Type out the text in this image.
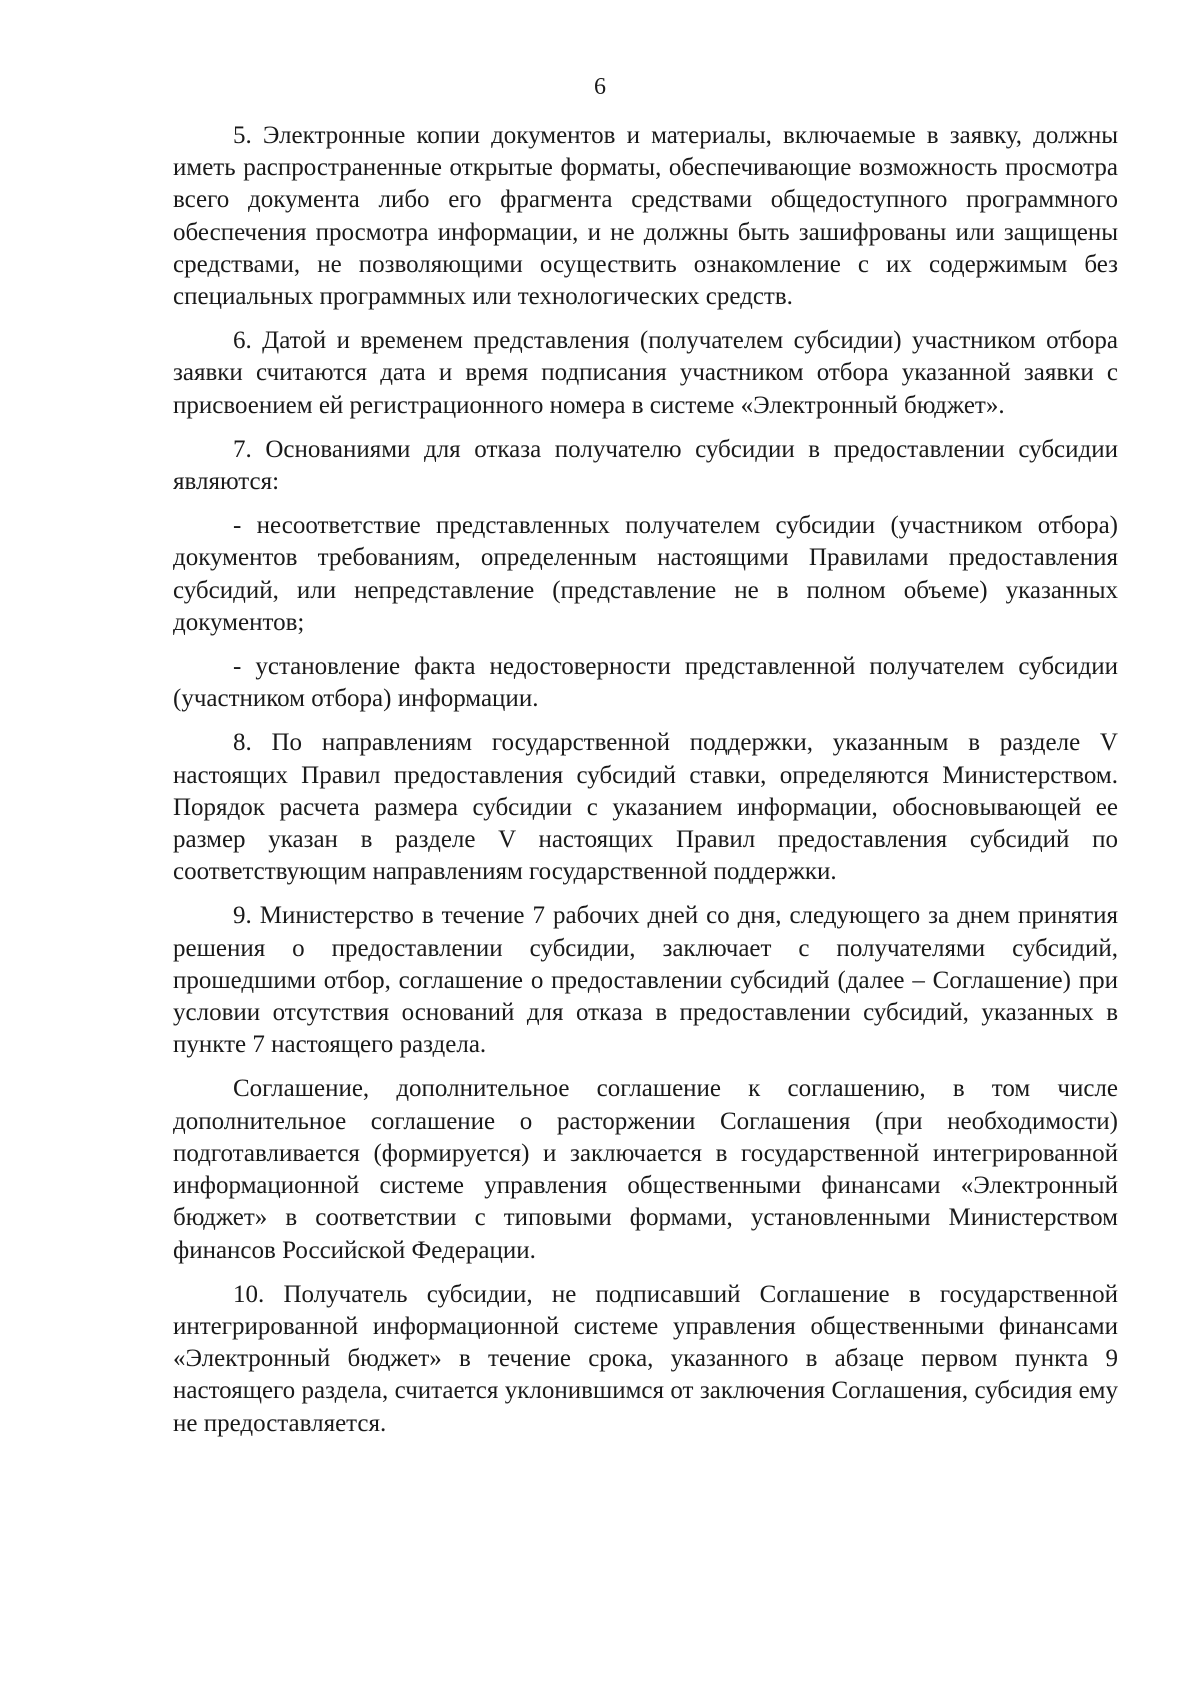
6

5. Электронные копии документов и материалы, включаемые в заявку, должны иметь распространенные открытые форматы, обеспечивающие возможность просмотра всего документа либо его фрагмента средствами общедоступного программного обеспечения просмотра информации, и не должны быть зашифрованы или защищены средствами, не позволяющими осуществить ознакомление с их содержимым без специальных программных или технологических средств.

6. Датой и временем представления (получателем субсидии) участником отбора заявки считаются дата и время подписания участником отбора указанной заявки с присвоением ей регистрационного номера в системе «Электронный бюджет».

7. Основаниями для отказа получателю субсидии в предоставлении субсидии являются:

- несоответствие представленных получателем субсидии (участником отбора) документов требованиям, определенным настоящими Правилами предоставления субсидий, или непредставление (представление не в полном объеме) указанных документов;

- установление факта недостоверности представленной получателем субсидии (участником отбора) информации.

8. По направлениям государственной поддержки, указанным в разделе V настоящих Правил предоставления субсидий ставки, определяются Министерством. Порядок расчета размера субсидии с указанием информации, обосновывающей ее размер указан в разделе V настоящих Правил предоставления субсидий по соответствующим направлениям государственной поддержки.

9. Министерство в течение 7 рабочих дней со дня, следующего за днем принятия решения о предоставлении субсидии, заключает с получателями субсидий, прошедшими отбор, соглашение о предоставлении субсидий (далее – Соглашение) при условии отсутствия оснований для отказа в предоставлении субсидий, указанных в пункте 7 настоящего раздела.

Соглашение, дополнительное соглашение к соглашению, в том числе дополнительное соглашение о расторжении Соглашения (при необходимости) подготавливается (формируется) и заключается в государственной интегрированной информационной системе управления общественными финансами «Электронный бюджет» в соответствии с типовыми формами, установленными Министерством финансов Российской Федерации.

10. Получатель субсидии, не подписавший Соглашение в государственной интегрированной информационной системе управления общественными финансами «Электронный бюджет» в течение срока, указанного в абзаце первом пункта 9 настоящего раздела, считается уклонившимся от заключения Соглашения, субсидия ему не предоставляется.
